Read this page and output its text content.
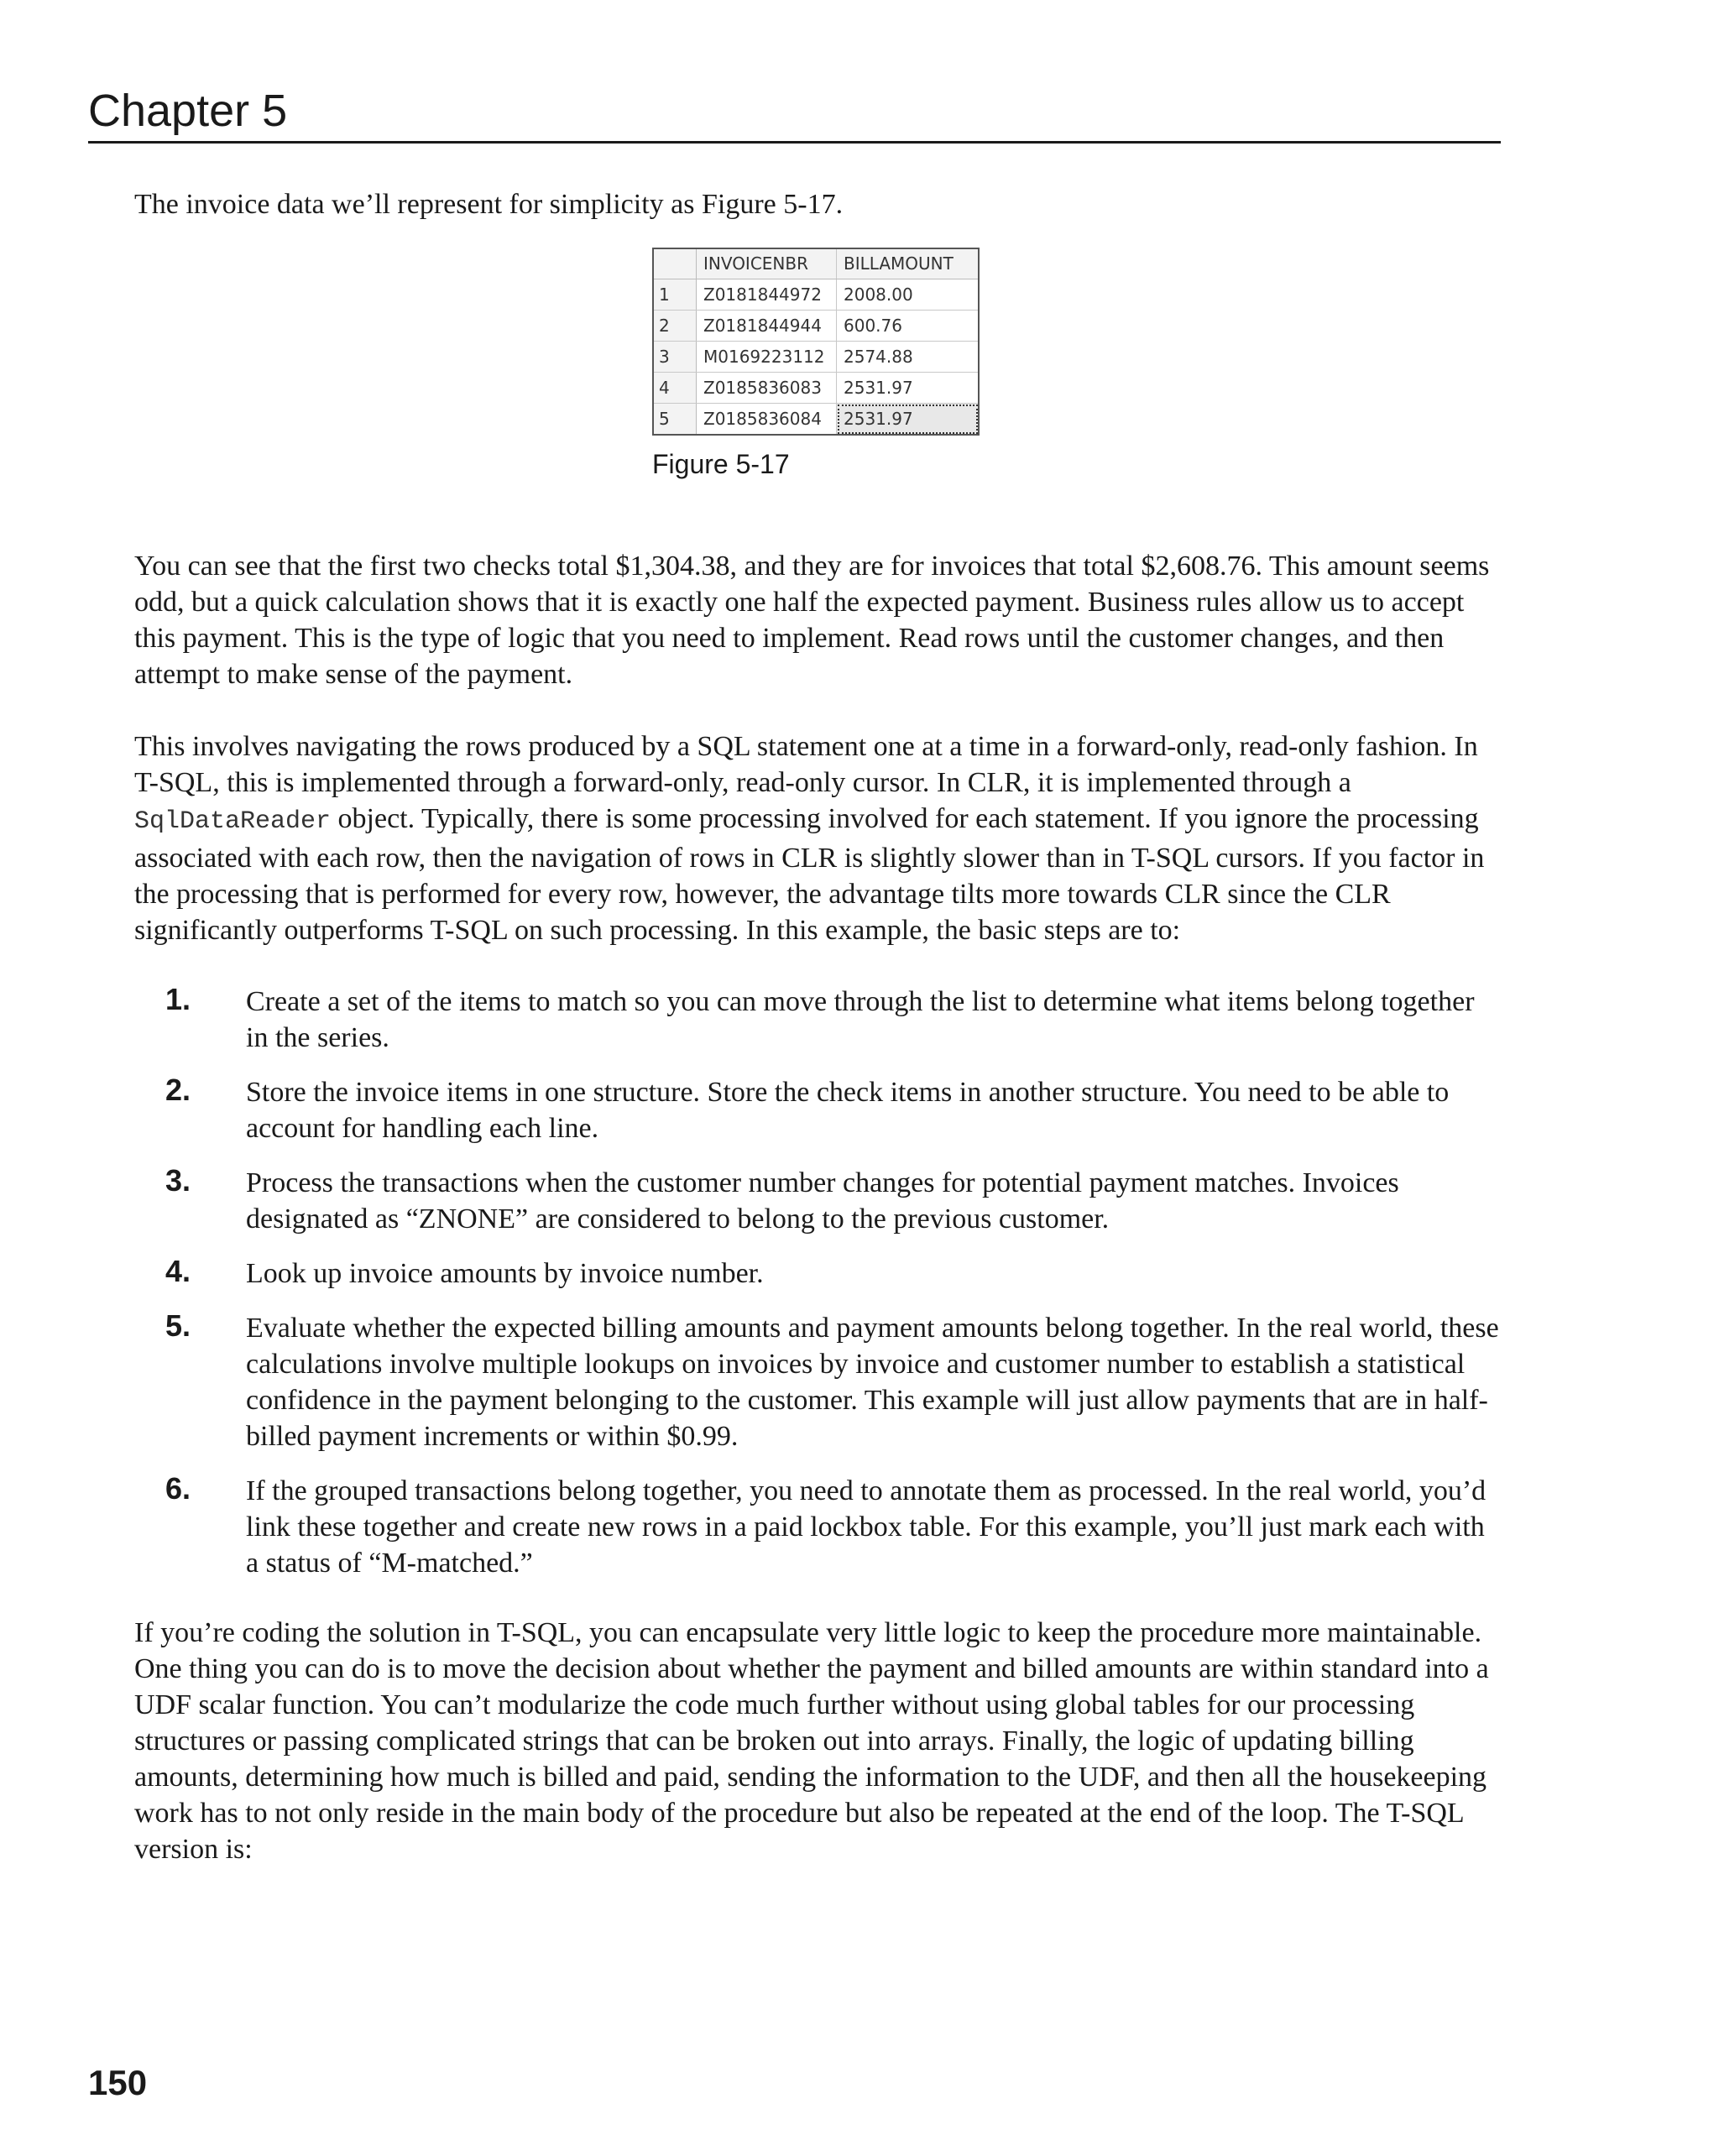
Chapter 5

The invoice data we’ll represent for simplicity as Figure 5-17.

	INVOICENBR	BILLAMOUNT
1	Z0181844972	2008.00
2	Z0181844944	600.76
3	M0169223112	2574.88
4	Z0185836083	2531.97
5	Z0185836084	2531.97
Figure 5-17

You can see that the first two checks total $1,304.38, and they are for invoices that total $2,608.76. This amount seems odd, but a quick calculation shows that it is exactly one half the expected payment. Business rules allow us to accept this payment. This is the type of logic that you need to implement. Read rows until the customer changes, and then attempt to make sense of the payment.

This involves navigating the rows produced by a SQL statement one at a time in a forward-only, read-only fashion. In T-SQL, this is implemented through a forward-only, read-only cursor. In CLR, it is implemented through a SqlDataReader object. Typically, there is some processing involved for each statement. If you ignore the processing associated with each row, then the navigation of rows in CLR is slightly slower than in T-SQL cursors. If you factor in the processing that is performed for every row, however, the advantage tilts more towards CLR since the CLR significantly outperforms T-SQL on such processing. In this example, the basic steps are to:

1. Create a set of the items to match so you can move through the list to determine what items belong together in the series.
2. Store the invoice items in one structure. Store the check items in another structure. You need to be able to account for handling each line.
3. Process the transactions when the customer number changes for potential payment matches. Invoices designated as “ZNONE” are considered to belong to the previous customer.
4. Look up invoice amounts by invoice number.
5. Evaluate whether the expected billing amounts and payment amounts belong together. In the real world, these calculations involve multiple lookups on invoices by invoice and customer number to establish a statistical confidence in the payment belonging to the customer. This example will just allow payments that are in half-billed payment increments or within $0.99.
6. If the grouped transactions belong together, you need to annotate them as processed. In the real world, you’d link these together and create new rows in a paid lockbox table. For this example, you’ll just mark each with a status of “M-matched.”

If you’re coding the solution in T-SQL, you can encapsulate very little logic to keep the procedure more maintainable. One thing you can do is to move the decision about whether the payment and billed amounts are within standard into a UDF scalar function. You can’t modularize the code much further without using global tables for our processing structures or passing complicated strings that can be broken out into arrays. Finally, the logic of updating billing amounts, determining how much is billed and paid, sending the information to the UDF, and then all the housekeeping work has to not only reside in the main body of the procedure but also be repeated at the end of the loop. The T-SQL version is:

150
